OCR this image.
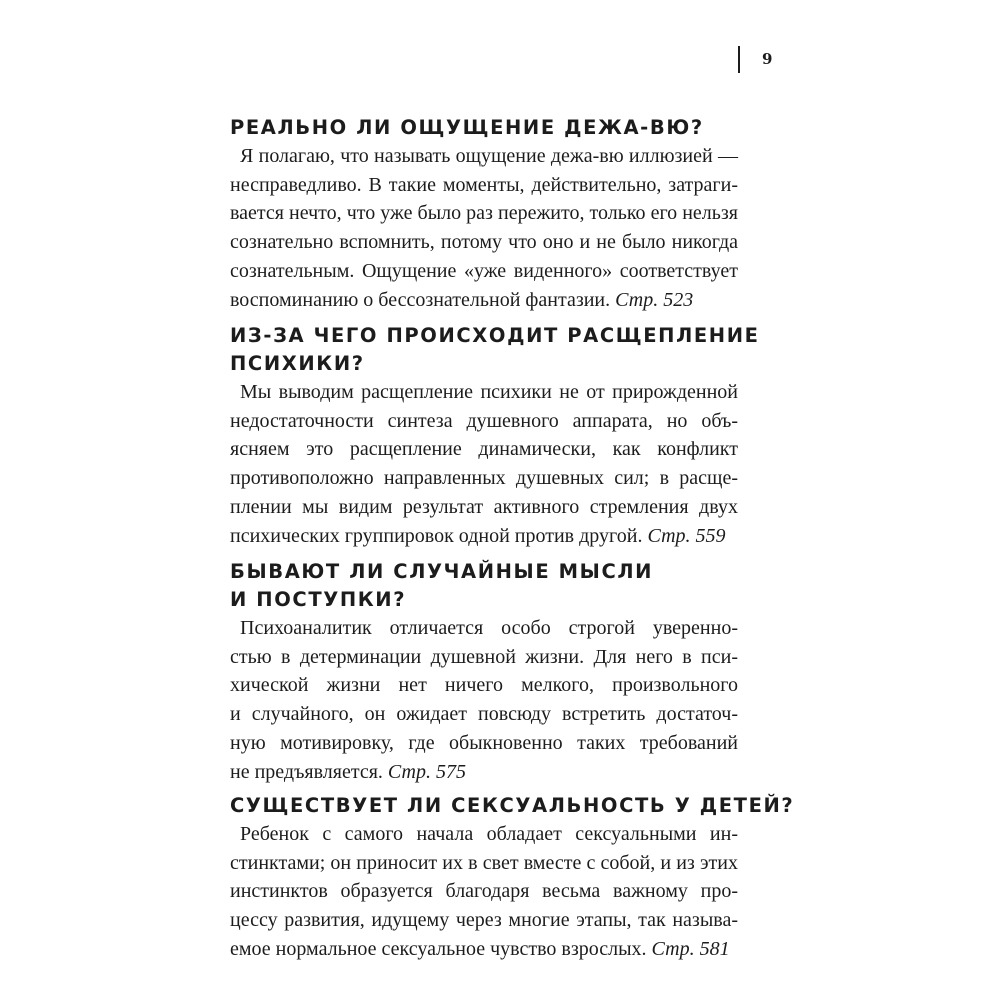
9
РЕАЛЬНО ЛИ ОЩУЩЕНИЕ ДЕЖА-ВЮ?
Я полагаю, что называть ощущение дежа-вю иллюзией —
несправедливо. В такие моменты, действительно, затраги-
вается нечто, что уже было раз пережито, только его нельзя
сознательно вспомнить, потому что оно и не было никогда
сознательным. Ощущение «уже виденного» соответствует
воспоминанию о бессознательной фантазии. Стр. 523
ИЗ-ЗА ЧЕГО ПРОИСХОДИТ РАСЩЕПЛЕНИЕ
ПСИХИКИ?
Мы выводим расщепление психики не от прирожденной
недостаточности синтеза душевного аппарата, но объ-
ясняем это расщепление динамически, как конфликт
противоположно направленных душевных сил; в расще-
плении мы видим результат активного стремления двух
психических группировок одной против другой. Стр. 559
БЫВАЮТ ЛИ СЛУЧАЙНЫЕ МЫСЛИ
И ПОСТУПКИ?
Психоаналитик отличается особо строгой уверенно-
стью в детерминации душевной жизни. Для него в пси-
хической жизни нет ничего мелкого, произвольного
и случайного, он ожидает повсюду встретить достаточ-
ную мотивировку, где обыкновенно таких требований
не предъявляется. Стр. 575
СУЩЕСТВУЕТ ЛИ СЕКСУАЛЬНОСТЬ У ДЕТЕЙ?
Ребенок с самого начала обладает сексуальными ин-
стинктами; он приносит их в свет вместе с собой, и из этих
инстинктов образуется благодаря весьма важному про-
цессу развития, идущему через многие этапы, так называ-
емое нормальное сексуальное чувство взрослых. Стр. 581
